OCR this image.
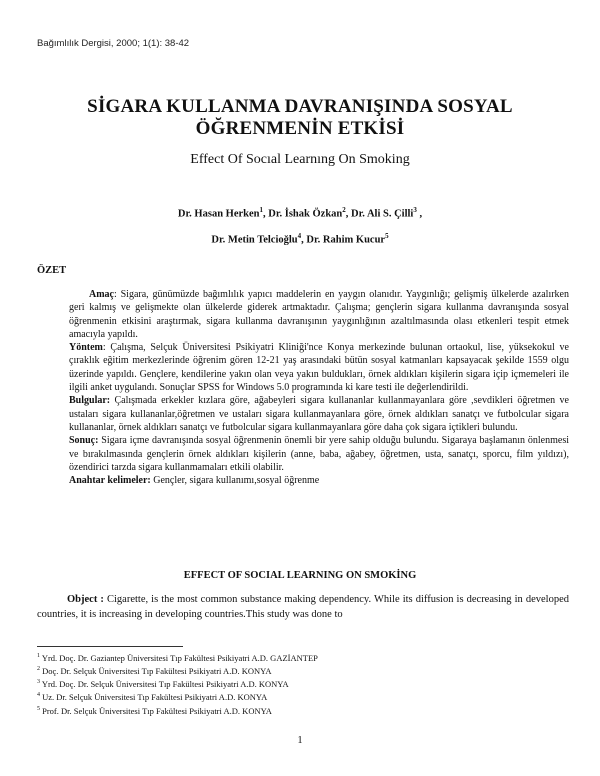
Bağımlılık Dergisi, 2000; 1(1): 38-42
SİGARA KULLANMA DAVRANIŞINDA SOSYAL
ÖĞRENMENİN ETKİSİ
Effect Of Socıal Learnıng On Smoking
Dr. Hasan Herken$^1$, Dr. İshak Özkan$^2$, Dr. Ali S. Çilli$^3$ ,
Dr. Metin Telcioğlu$^4$, Dr. Rahim Kucur$^5$
ÖZET

Amaç: Sigara, günümüzde bağımlılık yapıcı maddelerin en yaygın olanıdır. Yaygınlığı; gelişmiş ülkelerde azalırken geri kalmış ve gelişmekte olan ülkelerde giderek artmaktadır. Çalışma; gençlerin sigara kullanma davranışında sosyal öğrenmenin etkisini araştırmak, sigara kullanma davranışının yaygınlığının azaltılmasında olası etkenleri tespit etmek amacıyla yapıldı.

Yöntem: Çalışma, Selçuk Üniversitesi Psikiyatri Kliniği'nce Konya merkezinde bulunan ortaokul, lise, yüksekokul ve çıraklık eğitim merkezlerinde öğrenim gören 12-21 yaş arasındaki bütün sosyal katmanları kapsayacak şekilde 1559 olgu üzerinde yapıldı. Gençlere, kendilerine yakın olan veya yakın buldukları, örnek aldıkları kişilerin sigara içip içmemeleri ile ilgili anket uygulandı. Sonuçlar SPSS for Windows 5.0 programında ki kare testi ile değerlendirildi.

Bulgular: Çalışmada erkekler kızlara göre, ağabeyleri sigara kullananlar kullanmayanlara göre ,sevdikleri öğretmen ve ustaları sigara kullananlar,öğretmen ve ustaları sigara kullanmayanlara göre, örnek aldıkları sanatçı ve futbolcular sigara kullananlar, örnek aldıkları sanatçı ve futbolcular sigara kullanmayanlara göre daha çok sigara içtikleri bulundu.

Sonuç: Sigara içme davranışında sosyal öğrenmenin önemli bir yere sahip olduğu bulundu. Sigaraya başlamanın önlenmesi ve bırakılmasında gençlerin örnek aldıkları kişilerin (anne, baba, ağabey, öğretmen, usta, sanatçı, sporcu, film yıldızı), özendirici tarzda sigara kullanmamaları etkili olabilir.

Anahtar kelimeler: Gençler, sigara kullanımı,sosyal öğrenme

EFFECT OF SOCIAL LEARNING ON SMOKİNG
Object : Cigarette, is the most common substance making dependency. While its diffusion is decreasing in developed countries, it is increasing in developing countries.This study was done to
$^1$ Yrd. Doç. Dr. Gaziantep Üniversitesi Tıp Fakültesi Psikiyatri A.D. GAZİANTEP
$^2$ Doç. Dr. Selçuk Üniversitesi Tıp Fakültesi Psikiyatri A.D. KONYA
$^3$ Yrd. Doç. Dr. Selçuk Üniversitesi Tıp Fakültesi Psikiyatri A.D. KONYA
$^4$ Uz. Dr. Selçuk Üniversitesi Tıp Fakültesi Psikiyatri A.D. KONYA
$^5$ Prof. Dr. Selçuk Üniversitesi Tıp Fakültesi Psikiyatri A.D. KONYA
1
